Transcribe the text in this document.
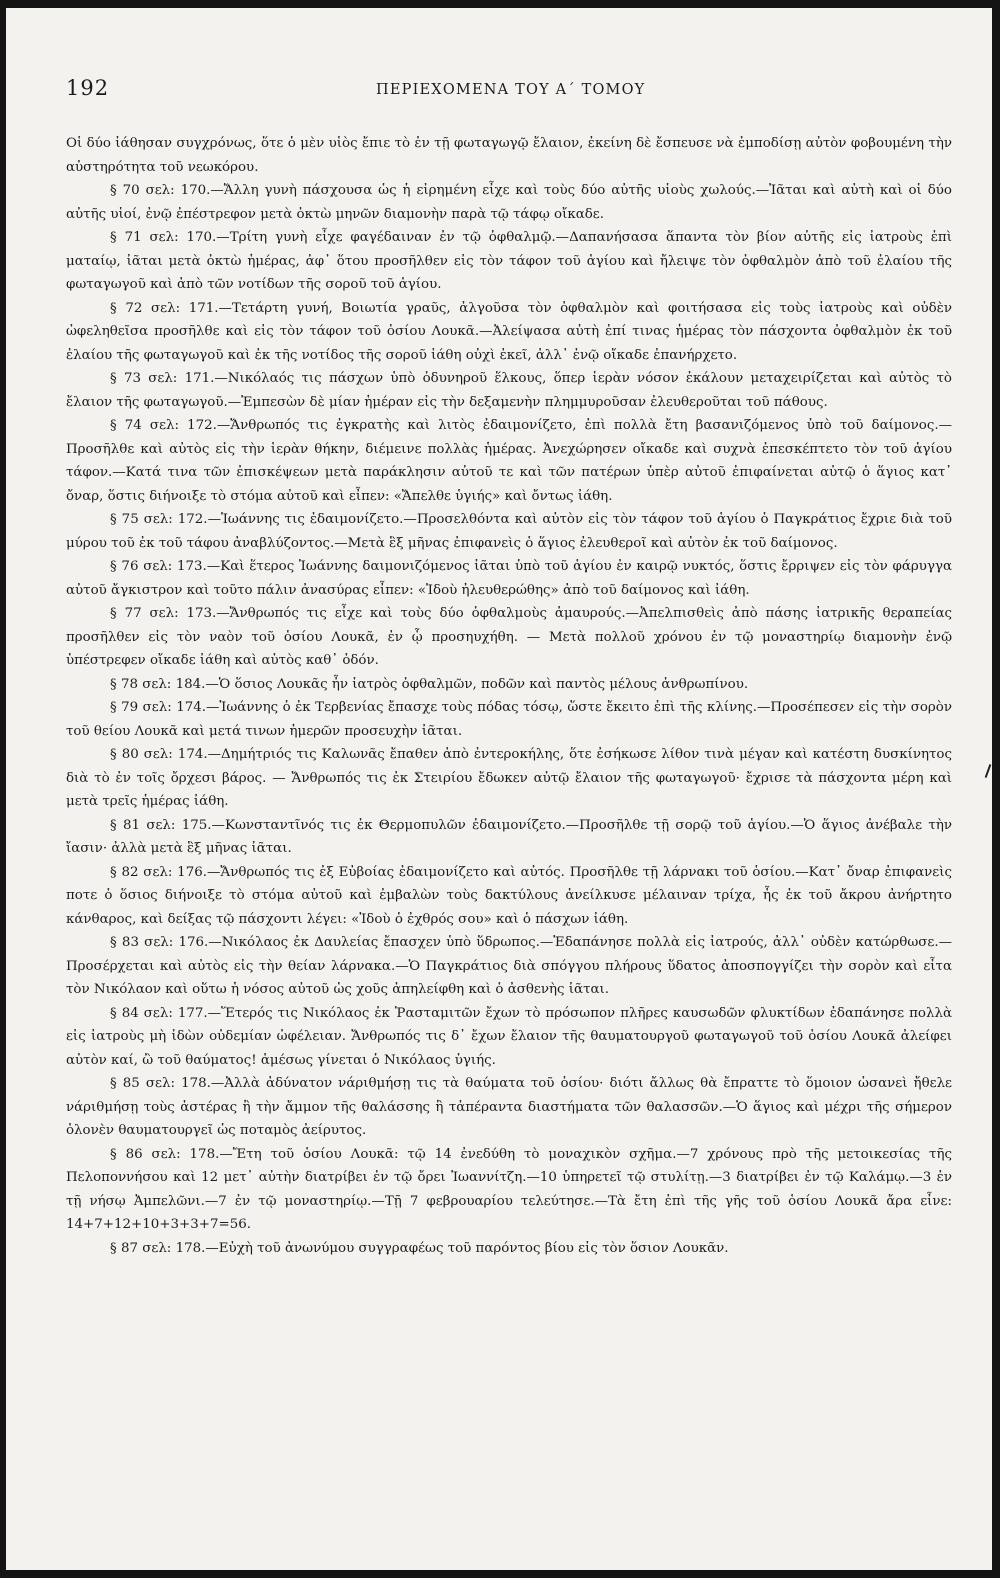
192	ΠΕΡΙΕΧΟΜΕΝΑ ΤΟΥ Α΄ ΤΟΜΟΥ

Οἱ δύο ἰάθησαν συγχρόνως, ὅτε ὁ μὲν υἱὸς ἔπιε τὸ ἐν τῇ φωταγωγῷ ἔλαιον, ἐκείνη δὲ ἔσπευσε νὰ ἐμποδίσῃ αὐτὸν φοβουμένη τὴν αὐστηρότητα τοῦ νεωκόρου.

§ 70 σελ: 170.—Ἄλλη γυνὴ πάσχουσα ὡς ἡ εἰρημένη εἶχε καὶ τοὺς δύο αὐτῆς υἱοὺς χωλούς.—Ἰᾶται καὶ αὐτὴ καὶ οἱ δύο αὐτῆς υἱοί, ἐνῷ ἐπέστρεφον μετὰ ὀκτὼ μηνῶν διαμονὴν παρὰ τῷ τάφῳ οἴκαδε.

§ 71 σελ: 170.—Τρίτη γυνὴ εἶχε φαγέδαιναν ἐν τῷ ὀφθαλμῷ.—Δαπανήσασα ἅπαντα τὸν βίον αὐτῆς εἰς ἰατροὺς ἐπὶ ματαίῳ, ἰᾶται μετὰ ὀκτὼ ἡμέρας, ἀφ᾽ ὅτου προσῆλθεν εἰς τὸν τάφον τοῦ ἁγίου καὶ ἤλειψε τὸν ὀφθαλμὸν ἀπὸ τοῦ ἐλαίου τῆς φωταγωγοῦ καὶ ἀπὸ τῶν νοτίδων τῆς σοροῦ τοῦ ἁγίου.

§ 72 σελ: 171.—Τετάρτη γυνή, Βοιωτία γραῦς, ἀλγοῦσα τὸν ὀφθαλμὸν καὶ φοιτήσασα εἰς τοὺς ἰατροὺς καὶ οὐδὲν ὠφεληθεῖσα προσῆλθε καὶ εἰς τὸν τάφον τοῦ ὁσίου Λουκᾶ.—Ἀλείψασα αὐτὴ ἐπί τινας ἡμέρας τὸν πάσχοντα ὀφθαλμὸν ἐκ τοῦ ἐλαίου τῆς φωταγωγοῦ καὶ ἐκ τῆς νοτίδος τῆς σοροῦ ἰάθη οὐχὶ ἐκεῖ, ἀλλ᾽ ἐνῷ οἴκαδε ἐπανήρχετο.

§ 73 σελ: 171.—Νικόλαός τις πάσχων ὑπὸ ὀδυνηροῦ ἕλκους, ὅπερ ἱερὰν νόσον ἐκάλουν μεταχειρίζεται καὶ αὐτὸς τὸ ἔλαιον τῆς φωταγωγοῦ.—Ἐμπεσὼν δὲ μίαν ἡμέραν εἰς τὴν δεξαμενὴν πλημμυροῦσαν ἐλευθεροῦται τοῦ πάθους.

§ 74 σελ: 172.—Ἄνθρωπός τις ἐγκρατὴς καὶ λιτὸς ἐδαιμονίζετο, ἐπὶ πολλὰ ἔτη βασανιζόμενος ὑπὸ τοῦ δαίμονος.—Προσῆλθε καὶ αὐτὸς εἰς τὴν ἱερὰν θήκην, διέμεινε πολλὰς ἡμέρας. Ἀνεχώρησεν οἴκαδε καὶ συχνὰ ἐπεσκέπτετο τὸν τοῦ ἁγίου τάφον.—Κατά τινα τῶν ἐπισκέψεων μετὰ παράκλησιν αὐτοῦ τε καὶ τῶν πατέρων ὑπὲρ αὐτοῦ ἐπιφαίνεται αὐτῷ ὁ ἅγιος κατ᾽ ὄναρ, ὅστις διήνοιξε τὸ στόμα αὐτοῦ καὶ εἶπεν: «Ἄπελθε ὑγιής» καὶ ὄντως ἰάθη.

§ 75 σελ: 172.—Ἰωάννης τις ἐδαιμονίζετο.—Προσελθόντα καὶ αὐτὸν εἰς τὸν τάφον τοῦ ἁγίου ὁ Παγκράτιος ἔχριε διὰ τοῦ μύρου τοῦ ἐκ τοῦ τάφου ἀναβλύζοντος.—Μετὰ ἓξ μῆνας ἐπιφανεὶς ὁ ἅγιος ἐλευθεροῖ καὶ αὐτὸν ἐκ τοῦ δαίμονος.

§ 76 σελ: 173.—Καὶ ἕτερος Ἰωάννης δαιμονιζόμενος ἰᾶται ὑπὸ τοῦ ἁγίου ἐν καιρῷ νυκτός, ὅστις ἔρριψεν εἰς τὸν φάρυγγα αὐτοῦ ἄγκιστρον καὶ τοῦτο πάλιν ἀνασύρας εἶπεν: «Ἰδοὺ ἠλευθερώθης» ἀπὸ τοῦ δαίμονος καὶ ἰάθη.

§ 77 σελ: 173.—Ἄνθρωπός τις εἶχε καὶ τοὺς δύο ὀφθαλμοὺς ἀμαυρούς.—Ἀπελπισθεὶς ἀπὸ πάσης ἰατρικῆς θεραπείας προσῆλθεν εἰς τὸν ναὸν τοῦ ὁσίου Λουκᾶ, ἐν ᾧ προσηυχήθη. — Μετὰ πολλοῦ χρόνου ἐν τῷ μοναστηρίῳ διαμονὴν ἐνῷ ὑπέστρεφεν οἴκαδε ἰάθη καὶ αὐτὸς καθ᾽ ὁδόν.

§ 78 σελ: 184.—Ὁ ὅσιος Λουκᾶς ἦν ἰατρὸς ὀφθαλμῶν, ποδῶν καὶ παντὸς μέλους ἀνθρωπίνου.

§ 79 σελ: 174.—Ἰωάννης ὁ ἐκ Τερβενίας ἔπασχε τοὺς πόδας τόσῳ, ὥστε ἔκειτο ἐπὶ τῆς κλίνης.—Προσέπεσεν εἰς τὴν σορὸν τοῦ θείου Λουκᾶ καὶ μετά τινων ἡμερῶν προσευχὴν ἰᾶται.

§ 80 σελ: 174.—Δημήτριός τις Καλωνᾶς ἔπαθεν ἀπὸ ἐντεροκήλης, ὅτε ἐσήκωσε λίθον τινὰ μέγαν καὶ κατέστη δυσκίνητος διὰ τὸ ἐν τοῖς ὄρχεσι βάρος. — Ἄνθρωπός τις ἐκ Στειρίου ἔδωκεν αὐτῷ ἔλαιον τῆς φωταγωγοῦ· ἔχρισε τὰ πάσχοντα μέρη καὶ μετὰ τρεῖς ἡμέρας ἰάθη.

§ 81 σελ: 175.—Κωνσταντῖνός τις ἐκ Θερμοπυλῶν ἐδαιμονίζετο.—Προσῆλθε τῇ σορῷ τοῦ ἁγίου.—Ὁ ἅγιος ἀνέβαλε τὴν ἴασιν· ἀλλὰ μετὰ ἓξ μῆνας ἰᾶται.

§ 82 σελ: 176.—Ἄνθρωπός τις ἐξ Εὐβοίας ἐδαιμονίζετο καὶ αὐτός. Προσῆλθε τῇ λάρνακι τοῦ ὁσίου.—Κατ᾽ ὄναρ ἐπιφανεὶς ποτε ὁ ὅσιος διήνοιξε τὸ στόμα αὐτοῦ καὶ ἐμβαλὼν τοὺς δακτύλους ἀνείλκυσε μέλαιναν τρίχα, ἧς ἐκ τοῦ ἄκρου ἀνήρτητο κάνθαρος, καὶ δείξας τῷ πάσχοντι λέγει: «Ἰδοὺ ὁ ἐχθρός σου» καὶ ὁ πάσχων ἰάθη.

§ 83 σελ: 176.—Νικόλαος ἐκ Δαυλείας ἔπασχεν ὑπὸ ὕδρωπος.—Ἐδαπάνησε πολλὰ εἰς ἰατρούς, ἀλλ᾽ οὐδὲν κατώρθωσε.—Προσέρχεται καὶ αὐτὸς εἰς τὴν θείαν λάρνακα.—Ὁ Παγκράτιος διὰ σπόγγου πλήρους ὕδατος ἀποσπογγίζει τὴν σορὸν καὶ εἶτα τὸν Νικόλαον καὶ οὕτω ἡ νόσος αὐτοῦ ὡς χοῦς ἀπηλείφθη καὶ ὁ ἀσθενὴς ἰᾶται.

§ 84 σελ: 177.—Ἕτερός τις Νικόλαος ἐκ Ῥασταμιτῶν ἔχων τὸ πρόσωπον πλῆρες καυσωδῶν φλυκτίδων ἐδαπάνησε πολλὰ εἰς ἰατροὺς μὴ ἰδὼν οὐδεμίαν ὠφέλειαν. Ἄνθρωπός τις δ᾽ ἔχων ἔλαιον τῆς θαυματουργοῦ φωταγωγοῦ τοῦ ὁσίου Λουκᾶ ἀλείφει αὐτὸν καί, ὢ τοῦ θαύματος! ἀμέσως γίνεται ὁ Νικόλαος ὑγιής.

§ 85 σελ: 178.—Ἀλλὰ ἀδύνατον νάριθμήσῃ τις τὰ θαύματα τοῦ ὁσίου· διότι ἄλλως θὰ ἔπραττε τὸ ὅμοιον ὡσανεὶ ἤθελε νάριθμήσῃ τοὺς ἀστέρας ἢ τὴν ἄμμον τῆς θαλάσσης ἢ τἀπέραντα διαστήματα τῶν θαλασσῶν.—Ὁ ἅγιος καὶ μέχρι τῆς σήμερον ὁλονὲν θαυματουργεῖ ὡς ποταμὸς ἀείρυτος.

§ 86 σελ: 178.—Ἔτη τοῦ ὁσίου Λουκᾶ: τῷ 14 ἐνεδύθη τὸ μοναχικὸν σχῆμα.—7 χρόνους πρὸ τῆς μετοικεσίας τῆς Πελοποννήσου καὶ 12 μετ᾽ αὐτὴν διατρίβει ἐν τῷ ὄρει Ἰωαννίτζη.—10 ὑπηρετεῖ τῷ στυλίτῃ.—3 διατρίβει ἐν τῷ Καλάμῳ.—3 ἐν τῇ νήσῳ Ἀμπελῶνι.—7 ἐν τῷ μοναστηρίῳ.—Τῇ 7 φεβρουαρίου τελεύτησε.—Τὰ ἔτη ἐπὶ τῆς γῆς τοῦ ὁσίου Λουκᾶ ἄρα εἶνε: 14+7+12+10+3+3+7=56.

§ 87 σελ: 178.—Εὐχὴ τοῦ ἀνωνύμου συγγραφέως τοῦ παρόντος βίου εἰς τὸν ὅσιον Λουκᾶν.
